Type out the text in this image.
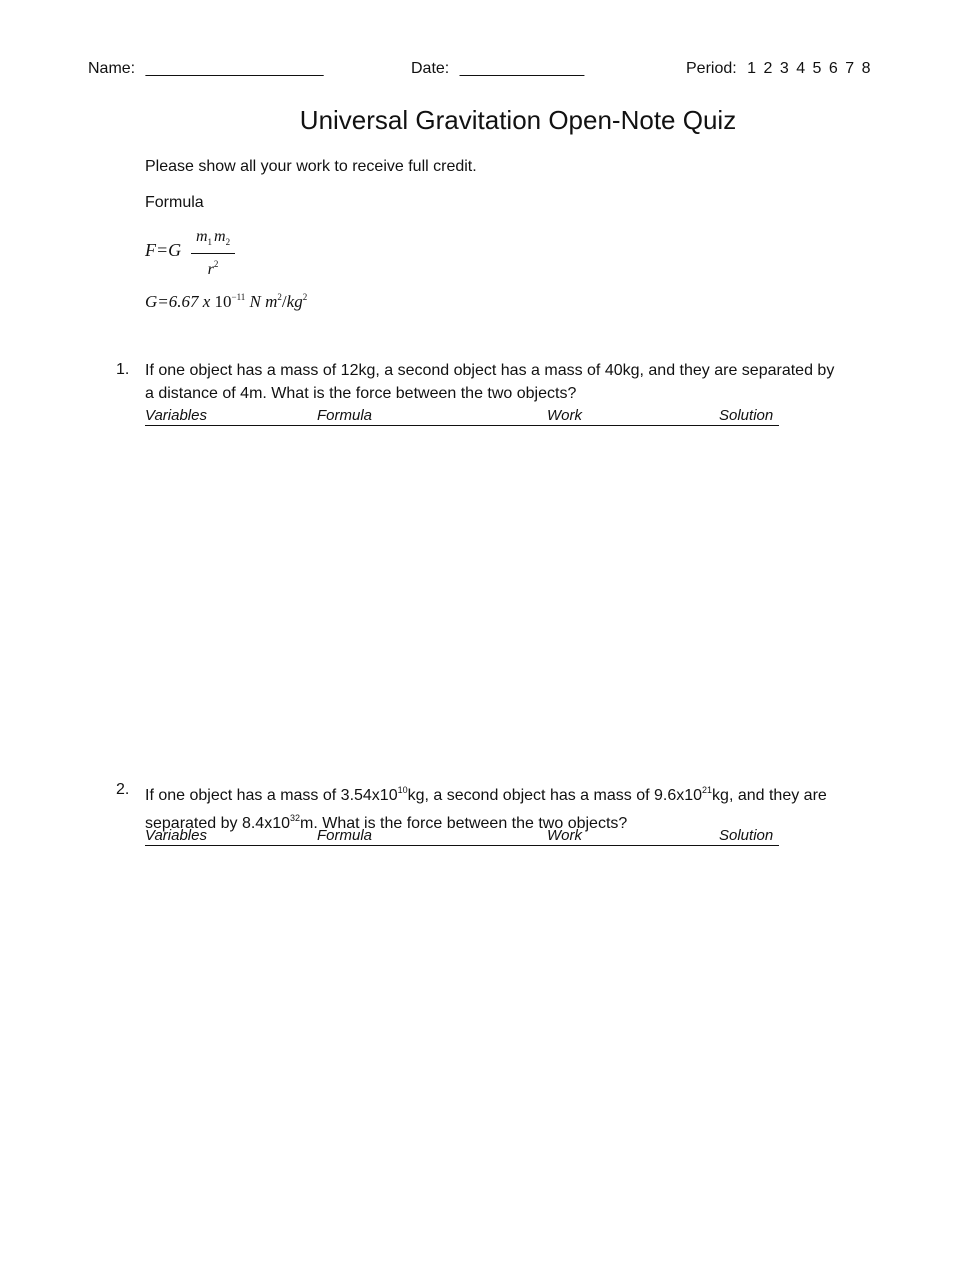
Name: ____________________	Date: ______________	Period: 1 2 3 4 5 6 7 8
Universal Gravitation Open-Note Quiz
Please show all your work to receive full credit.
Formula
$F=G \frac{m_1 m_2}{r^2}$
G=6.67 x $10^{-11}$ N $m^2/kg^2$
1. If one object has a mass of 12kg, a second object has a mass of 40kg, and they are separated by
a distance of 4m. What is the force between the two objects?
Variables	Formula	Work	Solution
2. If one object has a mass of $3.54x10^{10}kg$, a second object has a mass of $9.6x10^{21}kg$, and they are
separated by $8.4x10^{32}m$. What is the force between the two objects?
Variables	Formula	Work	Solution
